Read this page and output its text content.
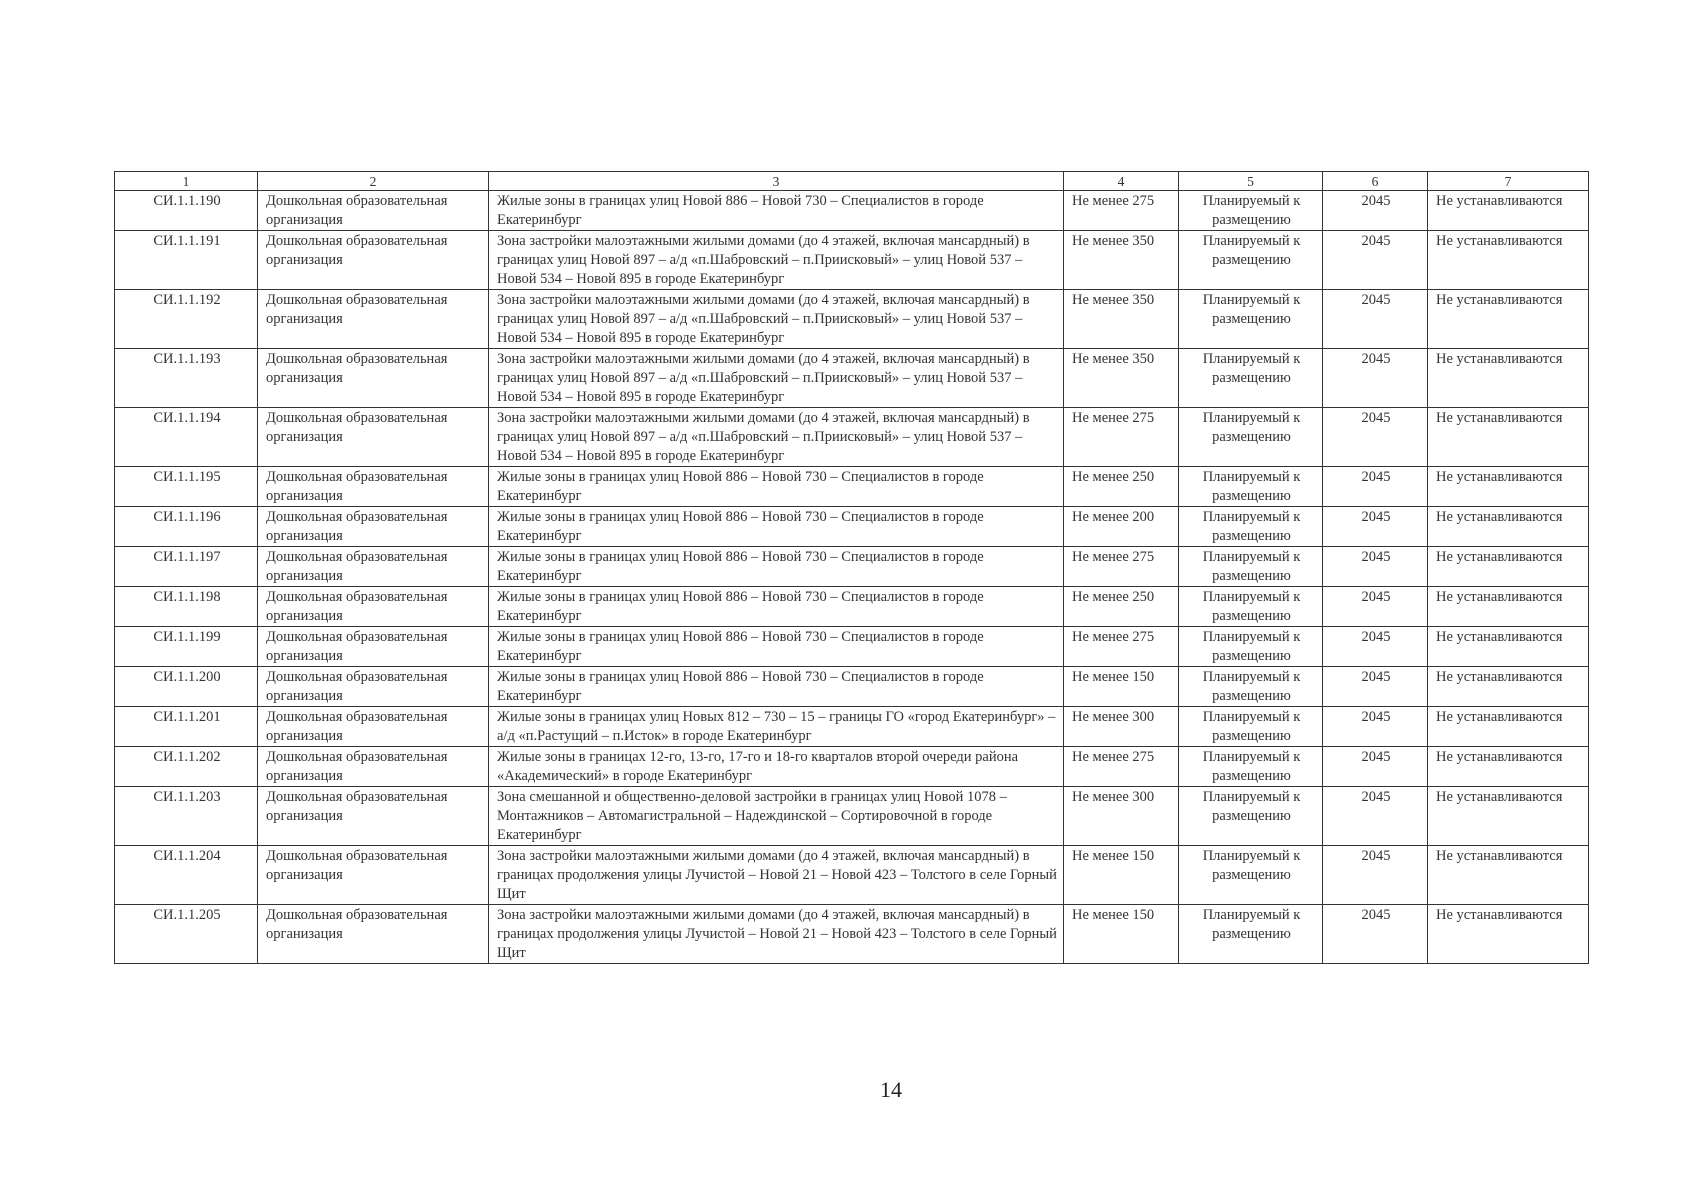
1	2	3	4	5	6	7
СИ.1.1.190	Дошкольная образовательная организация	Жилые зоны в границах улиц Новой 886 – Новой 730 – Специалистов в городе Екатеринбург	Не менее 275	Планируемый к размещению	2045	Не устанавливаются
СИ.1.1.191	Дошкольная образовательная организация	Зона застройки малоэтажными жилыми домами (до 4 этажей, включая мансардный) в границах улиц Новой 897 – а/д «п.Шабровский – п.Приисковый» – улиц Новой 537 – Новой 534 – Новой 895 в городе Екатеринбург	Не менее 350	Планируемый к размещению	2045	Не устанавливаются
СИ.1.1.192	Дошкольная образовательная организация	Зона застройки малоэтажными жилыми домами (до 4 этажей, включая мансардный) в границах улиц Новой 897 – а/д «п.Шабровский – п.Приисковый» – улиц Новой 537 – Новой 534 – Новой 895 в городе Екатеринбург	Не менее 350	Планируемый к размещению	2045	Не устанавливаются
СИ.1.1.193	Дошкольная образовательная организация	Зона застройки малоэтажными жилыми домами (до 4 этажей, включая мансардный) в границах улиц Новой 897 – а/д «п.Шабровский – п.Приисковый» – улиц Новой 537 – Новой 534 – Новой 895 в городе Екатеринбург	Не менее 350	Планируемый к размещению	2045	Не устанавливаются
СИ.1.1.194	Дошкольная образовательная организация	Зона застройки малоэтажными жилыми домами (до 4 этажей, включая мансардный) в границах улиц Новой 897 – а/д «п.Шабровский – п.Приисковый» – улиц Новой 537 – Новой 534 – Новой 895 в городе Екатеринбург	Не менее 275	Планируемый к размещению	2045	Не устанавливаются
СИ.1.1.195	Дошкольная образовательная организация	Жилые зоны в границах улиц Новой 886 – Новой 730 – Специалистов в городе Екатеринбург	Не менее 250	Планируемый к размещению	2045	Не устанавливаются
СИ.1.1.196	Дошкольная образовательная организация	Жилые зоны в границах улиц Новой 886 – Новой 730 – Специалистов в городе Екатеринбург	Не менее 200	Планируемый к размещению	2045	Не устанавливаются
СИ.1.1.197	Дошкольная образовательная организация	Жилые зоны в границах улиц Новой 886 – Новой 730 – Специалистов в городе Екатеринбург	Не менее 275	Планируемый к размещению	2045	Не устанавливаются
СИ.1.1.198	Дошкольная образовательная организация	Жилые зоны в границах улиц Новой 886 – Новой 730 – Специалистов в городе Екатеринбург	Не менее 250	Планируемый к размещению	2045	Не устанавливаются
СИ.1.1.199	Дошкольная образовательная организация	Жилые зоны в границах улиц Новой 886 – Новой 730 – Специалистов в городе Екатеринбург	Не менее 275	Планируемый к размещению	2045	Не устанавливаются
СИ.1.1.200	Дошкольная образовательная организация	Жилые зоны в границах улиц Новой 886 – Новой 730 – Специалистов в городе Екатеринбург	Не менее 150	Планируемый к размещению	2045	Не устанавливаются
СИ.1.1.201	Дошкольная образовательная организация	Жилые зоны в границах улиц Новых 812 – 730 – 15 – границы ГО «город Екатеринбург» – а/д «п.Растущий – п.Исток» в городе Екатеринбург	Не менее 300	Планируемый к размещению	2045	Не устанавливаются
СИ.1.1.202	Дошкольная образовательная организация	Жилые зоны в границах 12-го, 13-го, 17-го и 18-го кварталов второй очереди района «Академический» в городе Екатеринбург	Не менее 275	Планируемый к размещению	2045	Не устанавливаются
СИ.1.1.203	Дошкольная образовательная организация	Зона смешанной и общественно-деловой застройки в границах улиц Новой 1078 – Монтажников – Автомагистральной – Надеждинской – Сортировочной в городе Екатеринбург	Не менее 300	Планируемый к размещению	2045	Не устанавливаются
СИ.1.1.204	Дошкольная образовательная организация	Зона застройки малоэтажными жилыми домами (до 4 этажей, включая мансардный) в границах продолжения улицы Лучистой – Новой 21 – Новой 423 – Толстого в селе Горный Щит	Не менее 150	Планируемый к размещению	2045	Не устанавливаются
СИ.1.1.205	Дошкольная образовательная организация	Зона застройки малоэтажными жилыми домами (до 4 этажей, включая мансардный) в границах продолжения улицы Лучистой – Новой 21 – Новой 423 – Толстого в селе Горный Щит	Не менее 150	Планируемый к размещению	2045	Не устанавливаются
14
